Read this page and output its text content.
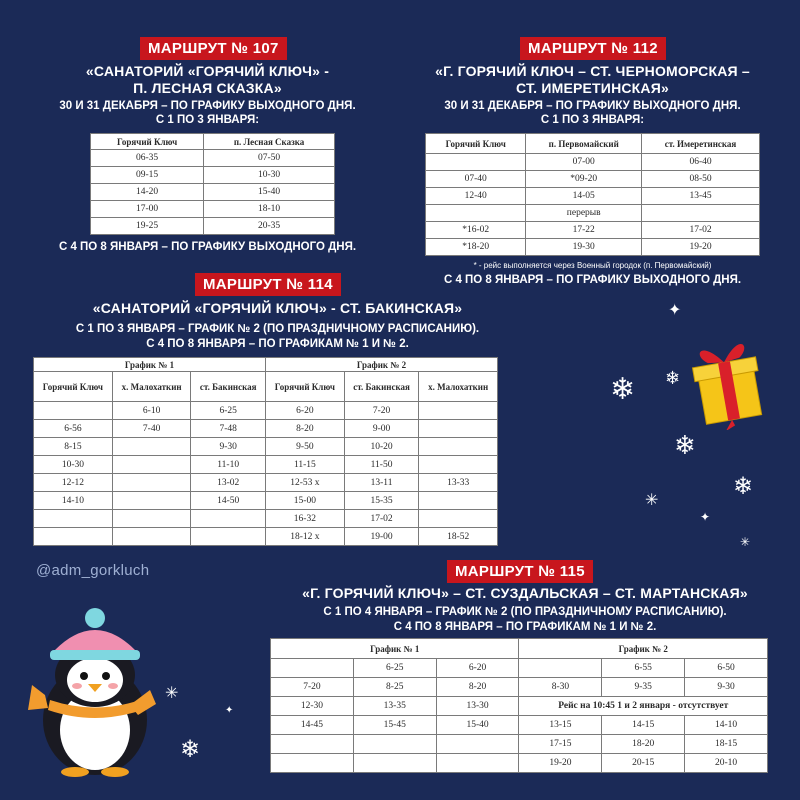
МАРШРУТ № 107
«САНАТОРИЙ «ГОРЯЧИЙ КЛЮЧ» -
П. ЛЕСНАЯ СКАЗКА»
30 И 31 ДЕКАБРЯ – ПО ГРАФИКУ ВЫХОДНОГО ДНЯ.
С 1 ПО 3 ЯНВАРЯ:
Горячий Ключ	п. Лесная Сказка
06-35	07-50
09-15	10-30
14-20	15-40
17-00	18-10
19-25	20-35
С 4 ПО 8 ЯНВАРЯ – ПО ГРАФИКУ ВЫХОДНОГО ДНЯ.
МАРШРУТ № 112
«Г. ГОРЯЧИЙ КЛЮЧ – СТ. ЧЕРНОМОРСКАЯ –
СТ. ИМЕРЕТИНСКАЯ»
30 И 31 ДЕКАБРЯ – ПО ГРАФИКУ ВЫХОДНОГО ДНЯ.
С 1 ПО 3 ЯНВАРЯ:
Горячий Ключ	п. Первомайский	ст. Имеретинская
	07-00	06-40
07-40	*09-20	08-50
12-40	14-05	13-45
	перерыв	
*16-02	17-22	17-02
*18-20	19-30	19-20
* - рейс выполняется через Военный городок (п. Первомайский)
С 4 ПО 8 ЯНВАРЯ – ПО ГРАФИКУ ВЫХОДНОГО ДНЯ.
МАРШРУТ № 114
«САНАТОРИЙ «ГОРЯЧИЙ КЛЮЧ» - СТ. БАКИНСКАЯ»
С 1 ПО 3 ЯНВАРЯ – ГРАФИК № 2 (ПО ПРАЗДНИЧНОМУ РАСПИСАНИЮ).
С 4 ПО 8 ЯНВАРЯ – ПО ГРАФИКАМ № 1 И № 2.
График № 1			График № 2		
Горячий Ключ	х. Малохаткин	ст. Бакинская	Горячий Ключ	ст. Бакинская	х. Малохаткин
	6-10	6-25	6-20	7-20	
6-56	7-40	7-48	8-20	9-00	
8-15		9-30	9-50	10-20	
10-30		11-10	11-15	11-50	
12-12		13-02	12-53 х	13-11	13-33
14-10		14-50	15-00	15-35	
			16-32	17-02	
			18-12 х	19-00	18-52
@adm_gorkluch	МАРШРУТ № 115
«Г. ГОРЯЧИЙ КЛЮЧ» – СТ. СУЗДАЛЬСКАЯ – СТ. МАРТАНСКАЯ»
С 1 ПО 4 ЯНВАРЯ – ГРАФИК № 2 (ПО ПРАЗДНИЧНОМУ РАСПИСАНИЮ).
С 4 ПО 8 ЯНВАРЯ – ПО ГРАФИКАМ № 1 И № 2.
График № 1			График № 2		
	6-25	6-20		6-55	6-50
7-20	8-25	8-20	8-30	9-35	9-30
12-30	13-35	13-30	Рейс на 10:45 1 и 2 января - отсутствует		
14-45	15-45	15-40	13-15	14-15	14-10
			17-15	18-20	18-15
			19-20	20-15	20-10
❄ ❄
❄
❄
✳
✳
✦
✦
❄
✳
✦
